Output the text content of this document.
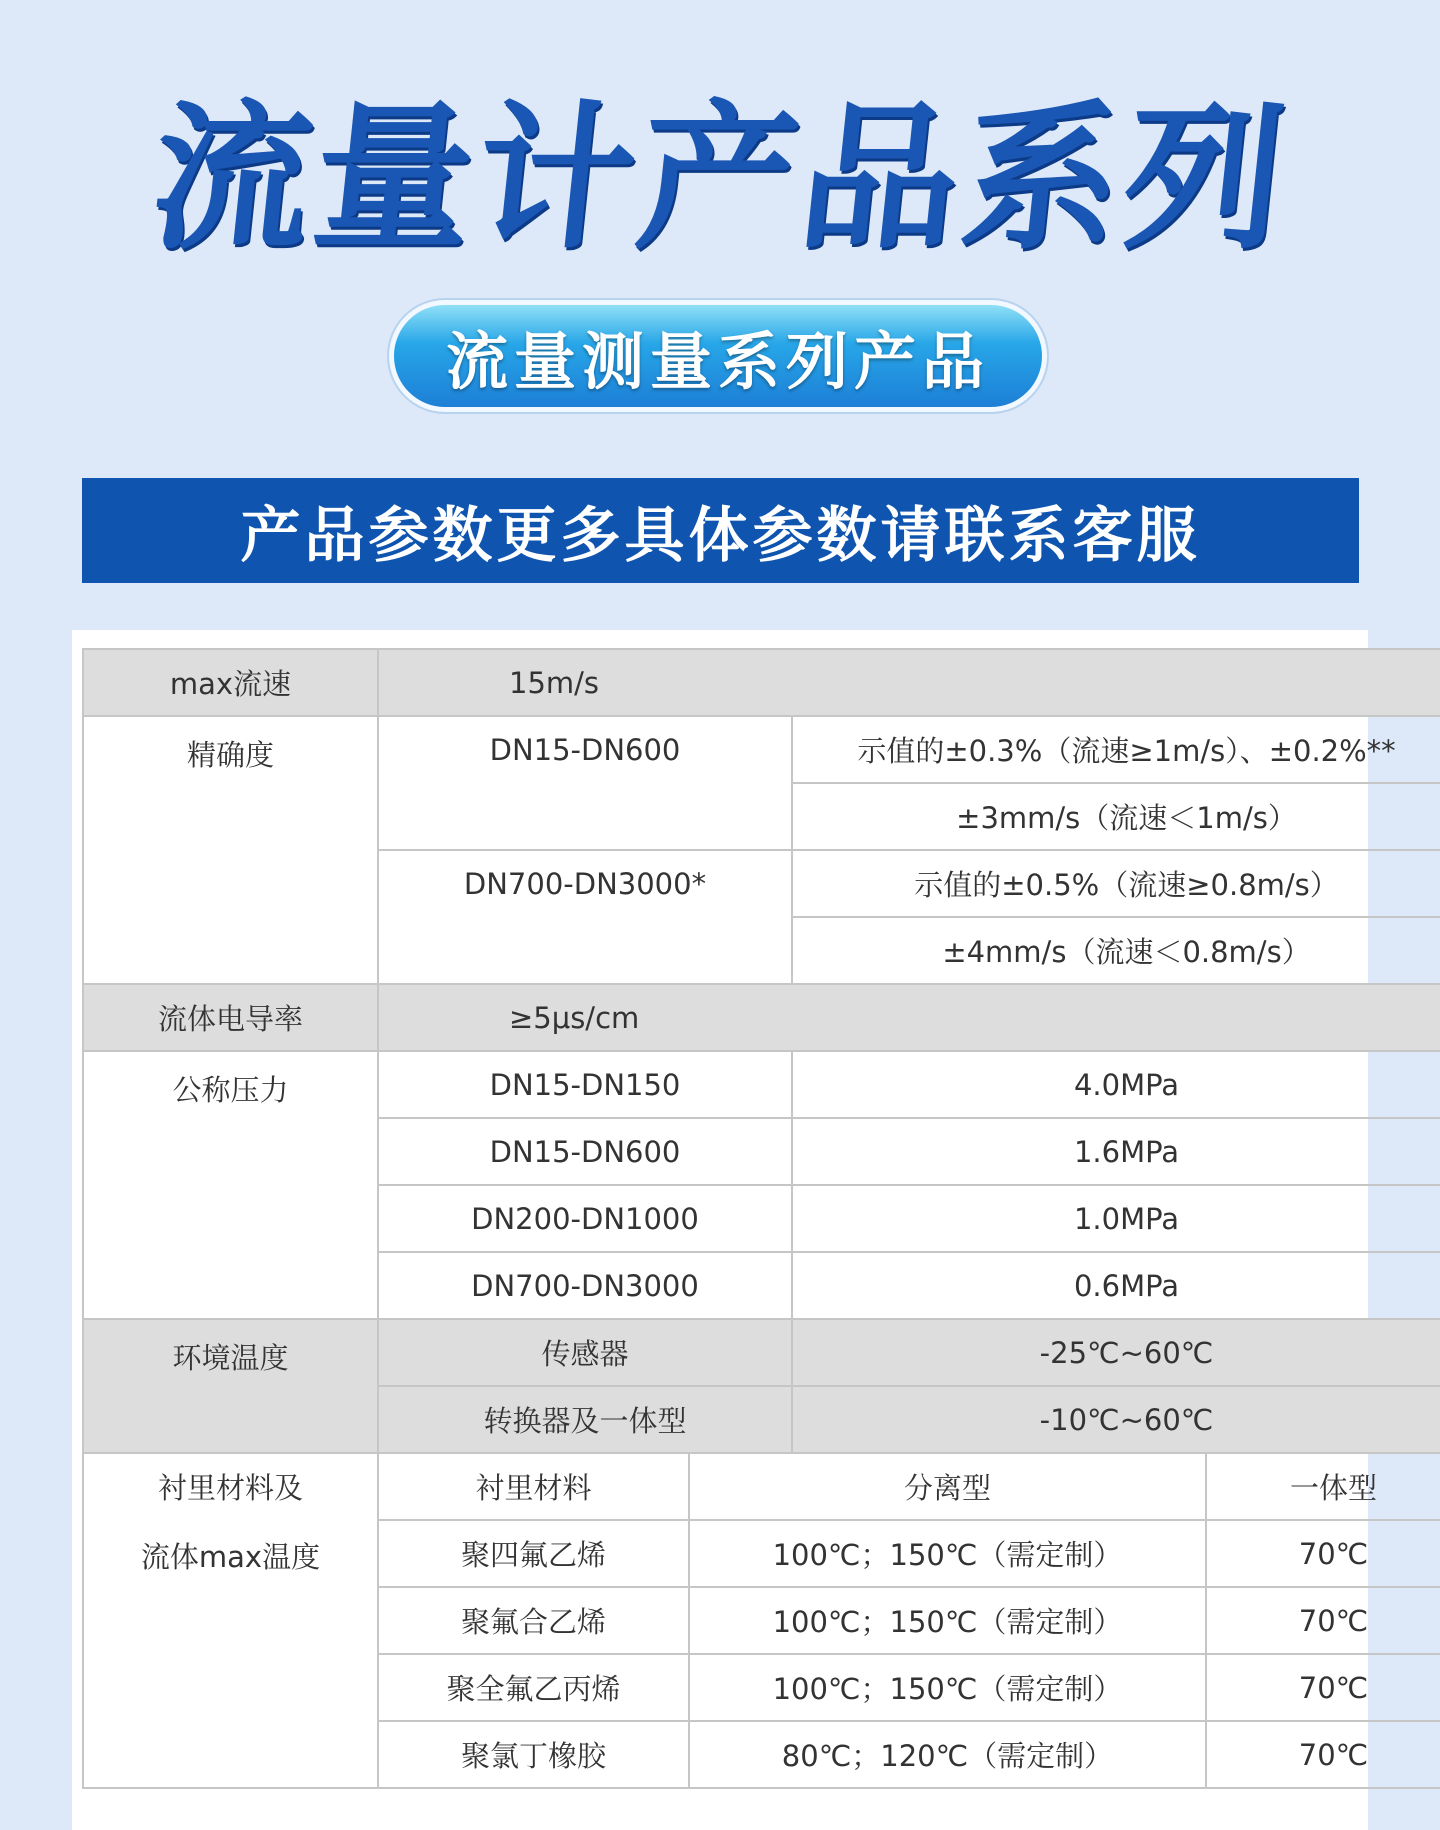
流量计产品系列
流量测量系列产品
产品参数更多具体参数请联系客服
max流速	15m/s			
精确度	DN15-DN600		示值的±0.3%（流速≥1m/s）、±0.2%**	
			±3mm/s（流速＜1m/s）	
	DN700-DN3000*		示值的±0.5%（流速≥0.8m/s）	
			±4mm/s（流速＜0.8m/s）	
流体电导率	≥5μs/cm			
公称压力	DN15-DN150		4.0MPa	
	DN15-DN600		1.6MPa	
	DN200-DN1000		1.0MPa	
	DN700-DN3000		0.6MPa	
环境温度	传感器		-25℃~60℃	
	转换器及一体型		-10℃~60℃	

衬里材料及
流体max温度	衬里材料	分离型		一体型
	聚四氟乙烯	100℃；150℃（需定制）		70℃
	聚氟合乙烯	100℃；150℃（需定制）		70℃
	聚全氟乙丙烯	100℃；150℃（需定制）		70℃
	聚氯丁橡胶	80℃；120℃（需定制）		70℃
